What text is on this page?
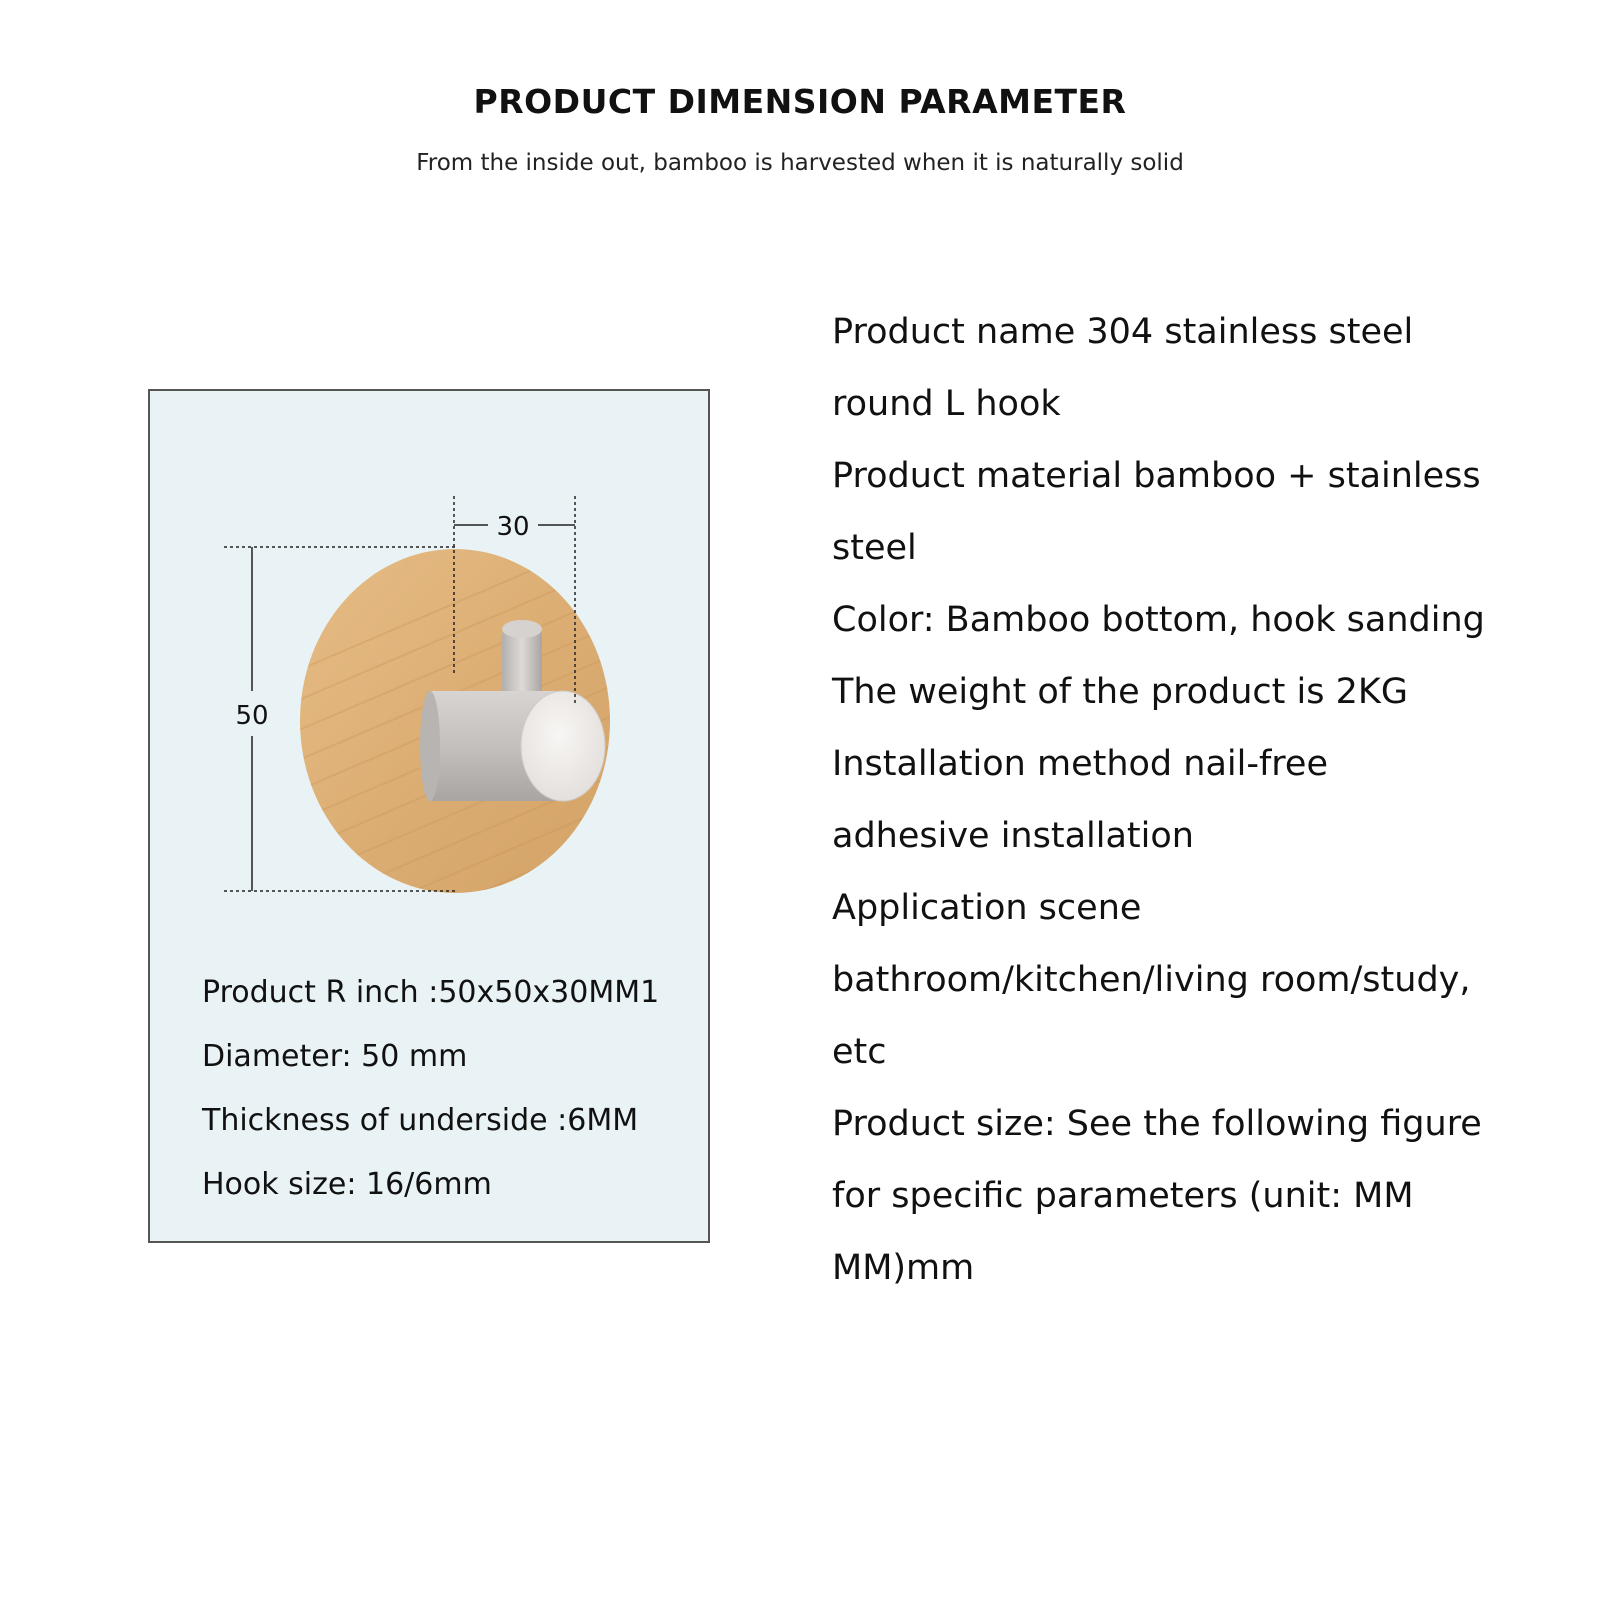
PRODUCT DIMENSION PARAMETER
From the inside out, bamboo is harvested when it is naturally solid
30
50
Product R inch :50x50x30MM1
Diameter: 50 mm
Thickness of underside :6MM
Hook size: 16/6mm
Product name 304 stainless steel
round L hook
Product material bamboo + stainless
steel
Color: Bamboo bottom, hook sanding
The weight of the product is 2KG
Installation method nail-free
adhesive installation
Application scene
bathroom/kitchen/living room/study,
etc
Product size: See the following figure
for specific parameters (unit: MM
MM)mm
